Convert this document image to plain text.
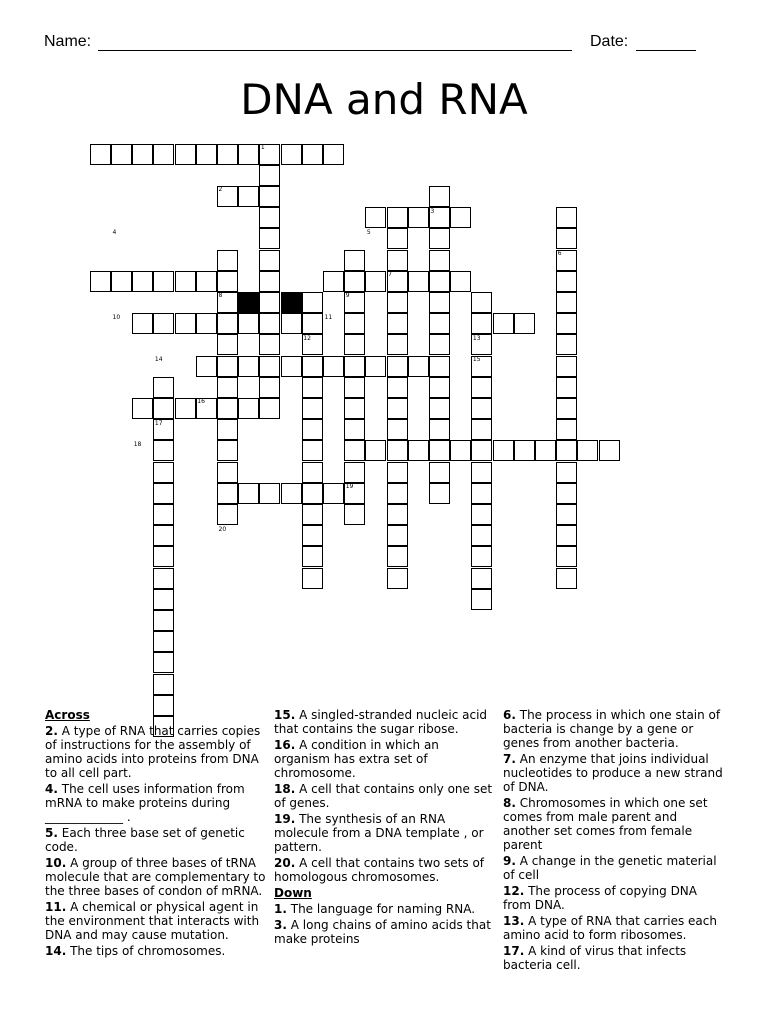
Name:	Date:
DNA and RNA
1
2
3
4	5
6
7
8	9
10	11
12	13
14	15
16
17
18
19
20
Across

2. A type of RNA that carries copies of instructions for the assembly of amino acids into proteins from DNA to all cell part.

4. The cell uses information from mRNA to make proteins during _____________ .

5. Each three base set of genetic code.

10. A group of three bases of tRNA molecule that are complementary to the three bases of condon of mRNA.

11. A chemical or physical agent in the environment that interacts with DNA and may cause mutation.

14. The tips of chromosomes.

15. A singled-stranded nucleic acid that contains the sugar ribose.

16. A condition in which an organism has extra set of chromosome.

18. A cell that contains only one set of genes.

19. The synthesis of an RNA molecule from a DNA template , or pattern.

20. A cell that contains two sets of homologous chromosomes.

Down

1. The language for naming RNA.

3. A long chains of amino acids that make proteins

6. The process in which one stain of bacteria is change by a gene or genes from another bacteria.

7. An enzyme that joins individual nucleotides to produce a new strand of DNA.

8. Chromosomes in which one set comes from male parent and another set comes from female parent

9. A change in the genetic material of cell

12. The process of copying DNA from DNA.

13. A type of RNA that carries each amino acid to form ribosomes.

17. A kind of virus that infects bacteria cell.
